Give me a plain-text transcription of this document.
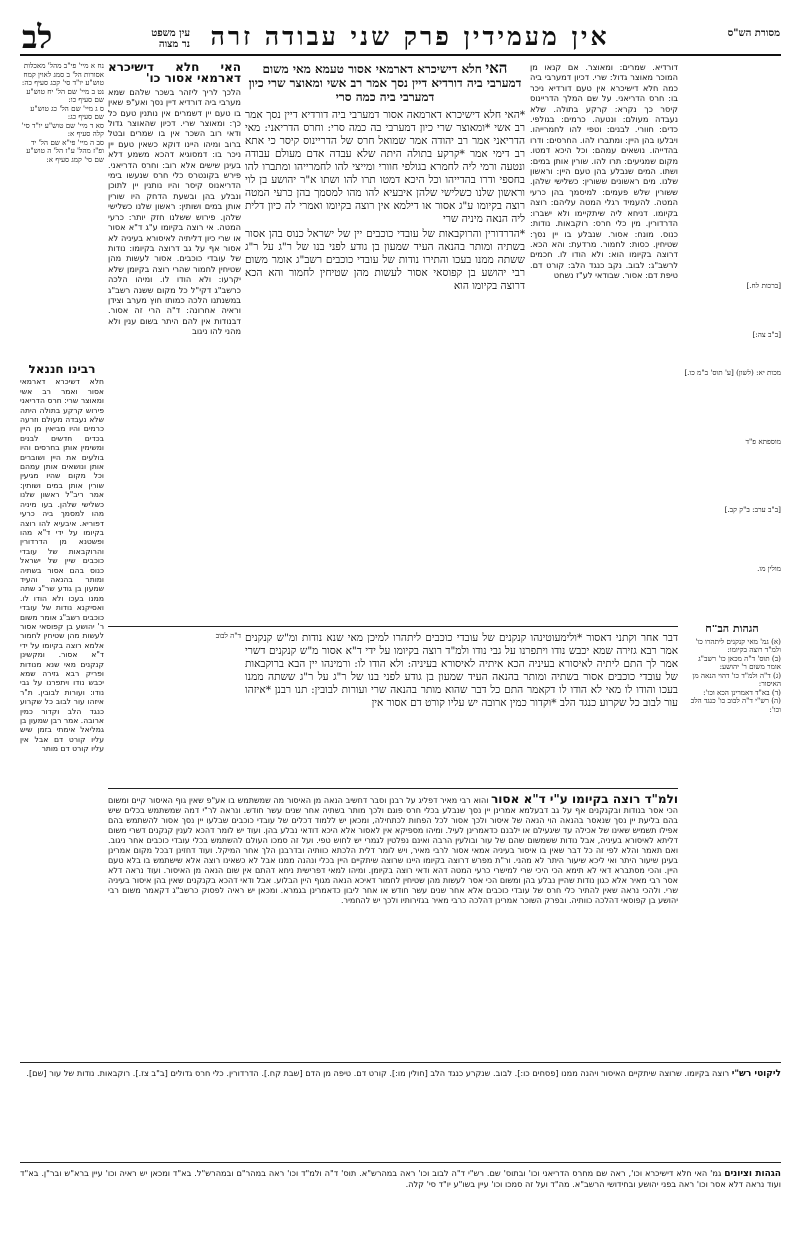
מסורת הש"ס
אין מעמידין פרק שני עבודה זרה
עין משפט
נר מצוה
לב
[ברכות לח.]
[ב"ב צה:]
מכות יא: (לשון) [ע' תוס' ב"מ כו.]
מוספתא פ"ד
[ב"ב ערב: ב"ק קב.]
מולין מו.
הגהות הב"ח
(א) גמ' מאי קנקנים ליתהרו כו' ולמ"ד רוצה בקיומו:
(ב) תוס' ד"ה מכאן כו' רשב"ג אומר משום ר' יהושע:
(ג) ד"ה ולמ"ד כו' דהוי הנאה מן האיסור:
(ד) בא"ד דאמרינן הכא וכו':
(ה) רש"י ד"ה לבוב כו' כנגד הלב וכו':

דורדיא. שמרים: ומאוצר. אם קנאו מן המוכר מאוצר גדול: שרי. דכיון דמערבי ביה כמה חלא דישיכרא אין טעם דורדיא ניכר בו: חרס הדריאני. על שם המלך הדריינוס קיסר כך נקרא: קרקע בתולה. שלא נעבדה מעולם: ונטעה. כרמים: בגולפי. כדים: חוורי. לבנים: וטפי להו לחמרייהו. ויבלעו בהן היין: ומתברו להו. החרסים: ודרו בהדייהו. נושאים עמהם: וכל היכא דמטו. מקום שמגיעים: תרו להו. שורין אותן במים: ושתו. המים שנבלע בהן טעם היין: וראשון שלנו. מים ראשונים ששורין: כשלישי שלהן. ששורין שלש פעמים: למיסמך בהן כרעי המטה. להעמיד רגלי המטה עליהם: רוצה בקיומו. דניחא ליה שיתקיימו ולא ישברו: הדרדורין. מין כלי חרס: רוקבאות. נודות: כנוס. מונח: אסור. שנבלע בו יין נסך: שטיחין. כסות: לחמור. מרדעת: והא הכא. דרוצה בקיומו הוא: ולא הודו לו. חכמים לרשב"ג: לבוב. נקב כנגד הלב: קורט דם. טיפת דם: אסור. שבודאי לע"ז נשחט

האי חלא דישיכרא דארמאי אסור טעמא מאי משום דמערבי ביה דורדיא דיין נסך אמר רב אשי ומאוצר שרי כיון דמערבי ביה כמה סרי

*האי חלא דישיכרא דארמאה אסור דמערבי ביה דורדיא דיין נסך אמר רב אשי *ומאוצר שרי כיון דמערבי בה כמה סרי: וחרס הדריאני: מאי הדריאני אמר רב יהודה אמר שמואל חרס של הדריינוס קיסר כי אתא רב דימי אמר *קרקע בתולה היתה שלא עבדה אדם מעולם עבודה ונטעה ורמי ליה לחמרא בגולפי חוורי ומייצי להו לחמרייהו ומתברו להו בחספי ודרו בהדייהו וכל היכא דמטו תרו להו ושתו א"ר יהושע בן לוי וראשון שלנו כשלישי שלהן איבעיא להו מהו למסמך בהן כרעי המטה רוצה בקיומו ע"ג אסור או דילמא אין רוצה בקיומו ואמרי לה כיון דלית ליה הנאה מיניה שרי

*הדרדורין והרוקבאות של עובדי כוכבים יין של ישראל כנוס בהן אסור בשתיה ומותר בהנאה העיד שמעון בן גודע לפני בנו של ר"ג על ר"ג ששתה ממנו בעכו והתירו נודות של עובדי כוכבים רשב"ג אומר משום רבי יהושע בן קפוסאי אסור לעשות מהן שטיחין לחמור והא הכא דרוצה בקיומו הוא

האי חלא דישיכרא דארמאי אסור כו'

הלכך לריך ליזהר בשכר שלהם שמא מערבי ביה דורדיא דיין נסך ואע"פ שאין בו טעם יין דשמרים אין נותנין טעם כל כך: ומאוצר שרי. דכיון שהאוצר גדול ודאי רוב השכר אין בו שמרים ובטל ברוב ומיהו היינו דוקא כשאין טעם יין ניכר בו: דמסוגיא דהכא משמע דלא בעינן שישים אלא רוב: וחרס הדריאני. פירש בקונטרס כלי חרס שנעשו בימי הדריאנוס קיסר והיו נותנין יין לתוכן ונבלע בהן ובשעת הדחק היו שורין אותן במים ושותין: ראשון שלנו כשלישי שלהן. פירוש ששלנו חזק יותר: כרעי המטה. אי רוצה בקיומו ע"ג ד"א אסור או שרי כיון דליתיה לאיסורא בעיניה לא אסור אף על גב דרוצה בקיומו: נודות של עובדי כוכבים. אסור לעשות מהן שטיחין לחמור שהרי רוצה בקיומן שלא יקרעו: ולא הודו לו. ומיהו הלכה כרשב"ג דקי"ל כל מקום ששנה רשב"ג במשנתנו הלכה כמותו חוץ מערב וצידן וראיה אחרונה: ד"ה הרי זה אסור. דבנודות אין להם היתר בשום ענין ולא מהני להו ניגוב

נח א מיי' פי"ב מהל' מאכלות אסורות הל' ב סמג לאוין קמח טוש"ע יו"ד סי' קכג סעיף כה:
נט ב מיי' שם הל' יח טוש"ע שם סעיף כו:
ס ג מיי' שם הל' כג טוש"ע שם סעיף כג:
סא ד מיי' שם טוש"ע יו"ד סי' קלה סעיף א:
סב ה מיי' פי"א שם הל' יד ופ"ז מהל' ע"ז הל' ה טוש"ע שם סי' קמג סעיף א:
רבינו חננאל

חלא דשיכרא דארמאי אסור ואמר רב אשי ומאוצר שרי: חרס הדריאני פירוש קרקע בתולה היתה שלא נעבדה מעולם וזרעה כרמים והיו מביאין מן היין בכדים חדשים לבנים ומשימין אותן בחרסים והיו בולעים את היין ושוברים אותן ונושאים אותן עמהם וכל מקום שהיו מגיעין שורין אותן במים ושותין: אמר ריב"ל ראשון שלנו כשלישי שלהן. בעו מיניה מהו למסמך ביה כרעי דפוריא. איבעיא להו רוצה בקיומו על ידי ד"א מהו ופשטנא מן הדרדורין והרוקבאות של עובדי כוכבים שיין של ישראל כנוס בהם אסור בשתיה ומותר בהנאה והעיד שמעון בן גודע שר"ג שתה ממנו בעכו ולא הודו לו. ואסיקנא נודות של עובדי כוכבים רשב"ג אומר משום ר' יהושע בן קפוסאי אסור לעשות מהן שטיחין לחמור אלמא רוצה בקיומו על ידי ד"א אסור. ומקשינן קנקנים מאי שנא מנודות ופריק רבא גזירה שמא יכבש נודו ויתפרנו על גבי נודו: ועורות לבובין. ת"ר איזהו עור לבוב כל שקרוע כנגד הלב וקדור כמין ארובה. אמר רבן שמעון בן גמליאל אימתי בזמן שיש עליו קורט דם אבל אין עליו קורט דם מותר

דבר אחר וקתני דאסור *ולימעוטינהו קנקנים של עובדי כוכבים ליתהרו למיכן מאי שנא נודות ומ"ש קנקנים אמר רבא גזירה שמא יכבש נודו ויתפרנו על גבי נודו ולמ"ד רוצה בקיומו על ידי ד"א אסור מ"ש קנקנים דשרי אמר לך התם ליתיה לאיסורא בעיניה הכא איתיה לאיסורא בעיניה: ולא הודו לו: ורמינהו יין הבא ברוקבאות של עובדי כוכבים אסור בשתיה ומותר בהנאה העיד שמעון בן גודע לפני בנו של ר"ג על ר"ג ששתה ממנו בעכו והודו לו מאי לא הודו לו דקאמר התם כל דבר שהוא מותר בהנאה שרי ועורות לבובין: תנו רבנן *איזהו עור לבוב כל שקרוע כנגד הלב *וקדור כמין ארובה יש עליו קורט דם אסור אין

ד"ה לבוב

ולמ"ד רוצה בקיומו ע"י ד"א אסור והוא רבי מאיר דפליג על רבנן וסבר דחשיב הנאה מן האיסור מה שמשתמש בו אע"פ שאין גוף האיסור קיים ומשום הכי אסר בנודות ובקנקנים אף על גב דבעלמא אמרינן יין נסך שנבלע בכלי חרס פוגם ולכך מותר בשתיה אחר שנים עשר חודש. ונראה לר"י דמה שמשתמש בכלים שיש בהם בליעת יין נסך שנאסר בהנאה הוי הנאה של איסור ולכך אסור לכל הפחות לכתחילה, ומכאן יש ללמוד דכלים של עובדי כוכבים שבלעו יין נסך אסור להשתמש בהם אפילו תשמיש שאינו של אכילה עד שיגעילם או ילבנם כדאמרינן לעיל. ומיהו מספיקא אין לאסור אלא היכא דודאי נבלע בהן. ועוד יש לומר דהכא לענין קנקנים דשרי משום דליתא לאיסורא בעיניה, אבל נודות ששמשום שהם של עור ובולעין הרבה ואינם נפלטין לגמרי יש לחוש טפי. ועל זה סמכו העולם להשתמש בכלי עובדי כוכבים אחר ניגוב. ואם תאמר והלא לפי זה כל דבר שאין בו איסור בעיניה אמאי אסור לרבי מאיר, ויש לומר דלית הלכתא כוותיה ובדרבנן הלך אחר המיקל. ועוד דחזינן דבכל מקום אמרינן בעינן שיעור היתר ואי ליכא שיעור היתר לא מהני. ור"ת מפרש דרוצה בקיומו היינו שרוצה שיתקיים היין בכלי ונהנה ממנו אבל לא כשאינו רוצה אלא שישתמש בו בלא טעם היין. והכי מסתברא דאי לא תימא הכי היכי שרי למישרי כרעי המטה דהא ודאי רוצה בקיומן. ומיהו למאי דפרישית ניחא דהתם אין שום הנאה מן האיסור. ועוד נראה דלא אסר רבי מאיר אלא כגון נודות שהיין נבלע בהן ומשום הכי אסר לעשות מהן שטיחין לחמור דאיכא הנאה מגוף היין הבלוע. אבל ודאי דהכא בקנקנים שאין בהן איסור בעיניה שרי. ולהכי נראה שאין להתיר כלי חרס של עובדי כוכבים אלא אחר שנים עשר חודש או אחר ליבון כדאמרינן בגמרא. ומכאן יש ראיה לפסוק כרשב"ג דקאמר משום רבי יהושע בן קפוסאי דהלכה כוותיה. ובפרק השוכר אמרינן דהלכה כרבי מאיר בגזירותיו ולכך יש להחמיר.

ליקוטי רש"י רוצה בקיומו. שרוצה שיתקיים האיסור ויהנה ממנו [פסחים כו:]. לבוב. שנקרע כנגד הלב [חולין מו:]. קורט דם. טיפה מן הדם [שבת קח.]. הדרדורין. כלי חרס גדולים [ב"ב צז.]. רוקבאות. נודות של עור [שם].
הגהות וציונים גמ' האי חלא דישיכרא וכו', ראה שם מחרס הדריאני וכו' ובתוס' שם. רש"י ד"ה לבוב וכו' ראה במהרש"א. תוס' ד"ה ולמ"ד וכו' ראה במהר"ם ובמהרש"ל. בא"ד ומכאן יש ראיה וכו' עיין ברא"ש ובר"ן. בא"ד ועוד נראה דלא אסר וכו' ראה בפני יהושע ובחידושי הרשב"א. מה"ד ועל זה סמכו וכו' עיין בשו"ע יו"ד סי' קלה.
